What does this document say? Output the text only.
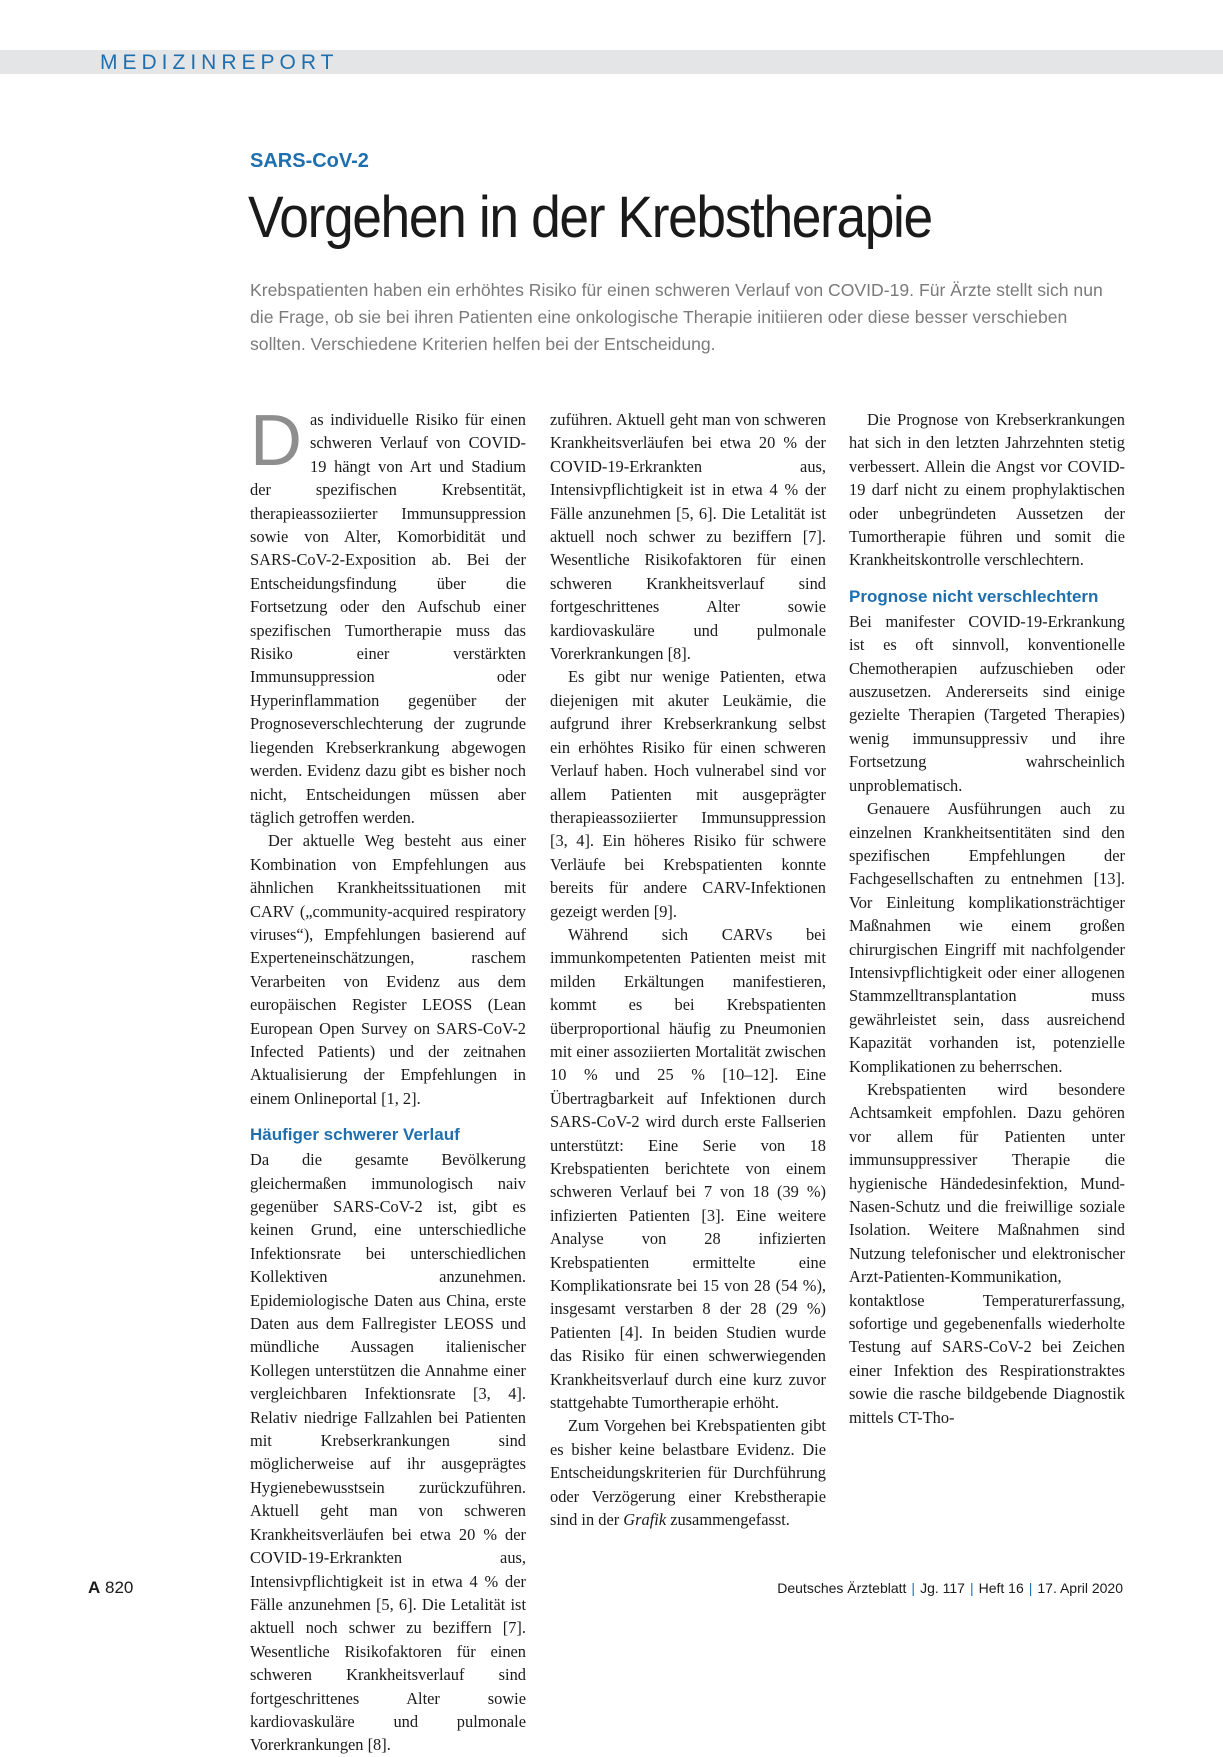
MEDIZINREPORT
SARS-CoV-2
Vorgehen in der Krebstherapie

Krebspatienten haben ein erhöhtes Risiko für einen schweren Verlauf von COVID-19. Für Ärzte stellt sich nun die Frage, ob sie bei ihren Patienten eine onkologische Therapie initiieren oder diese besser verschieben sollten. Verschiedene Kriterien helfen bei der Entscheidung.

Das individuelle Risiko für einen schweren Verlauf von COVID-19 hängt von Art und Stadium der spezifischen Krebsentität, therapieassoziierter Immunsuppression sowie von Alter, Komorbidität und SARS-CoV-2-Exposition ab. Bei der Entscheidungsfindung über die Fortsetzung oder den Aufschub einer spezifischen Tumortherapie muss das Risiko einer verstärkten Immunsuppression oder Hyperinflammation gegenüber der Prognoseverschlechterung der zugrunde liegenden Krebserkrankung abgewogen werden. Evidenz dazu gibt es bisher noch nicht, Entscheidungen müssen aber täglich getroffen werden.

Der aktuelle Weg besteht aus einer Kombination von Empfehlungen aus ähnlichen Krankheitssituationen mit CARV („community-acquired respiratory viruses“), Empfehlungen basierend auf Experteneinschätzungen, raschem Verarbeiten von Evidenz aus dem europäischen Register LEOSS (Lean European Open Survey on SARS-CoV-2 Infected Patients) und der zeitnahen Aktualisierung der Empfehlungen in einem Onlineportal [1, 2].

Häufiger schwerer Verlauf

Da die gesamte Bevölkerung gleichermaßen immunologisch naiv gegenüber SARS-CoV-2 ist, gibt es keinen Grund, eine unterschiedliche Infektionsrate bei unterschiedlichen Kollektiven anzunehmen. Epidemiologische Daten aus China, erste Daten aus dem Fallregister LEOSS und mündliche Aussagen italienischer Kollegen unterstützen die Annahme einer vergleichbaren Infektionsrate [3, 4]. Relativ niedrige Fallzahlen bei Patienten mit Krebserkrankungen sind möglicherweise auf ihr ausgeprägtes Hygienebewusstsein zurückzuführen. Aktuell geht man von schweren Krankheitsverläufen bei etwa 20 % der COVID-19-Erkrankten aus, Intensivpflichtigkeit ist in etwa 4 % der Fälle anzunehmen [5, 6]. Die Letalität ist aktuell noch schwer zu beziffern [7]. Wesentliche Risikofaktoren für einen schweren Krankheitsverlauf sind fortgeschrittenes Alter sowie kardiovaskuläre und pulmonale Vorerkrankungen [8].

zuführen. Aktuell geht man von schweren Krankheitsverläufen bei etwa 20 % der COVID-19-Erkrankten aus, Intensivpflichtigkeit ist in etwa 4 % der Fälle anzunehmen [5, 6]. Die Letalität ist aktuell noch schwer zu beziffern [7]. Wesentliche Risikofaktoren für einen schweren Krankheitsverlauf sind fortgeschrittenes Alter sowie kardiovaskuläre und pulmonale Vorerkrankungen [8].

Es gibt nur wenige Patienten, etwa diejenigen mit akuter Leukämie, die aufgrund ihrer Krebserkrankung selbst ein erhöhtes Risiko für einen schweren Verlauf haben. Hoch vulnerabel sind vor allem Patienten mit ausgeprägter therapieassoziierter Immunsuppression [3, 4]. Ein höheres Risiko für schwere Verläufe bei Krebspatienten konnte bereits für andere CARV-Infektionen gezeigt werden [9].

Während sich CARVs bei immunkompetenten Patienten meist mit milden Erkältungen manifestieren, kommt es bei Krebspatienten überproportional häufig zu Pneumonien mit einer assoziierten Mortalität zwischen 10 % und 25 % [10–12]. Eine Übertragbarkeit auf Infektionen durch SARS-CoV-2 wird durch erste Fallserien unterstützt: Eine Serie von 18 Krebspatienten berichtete von einem schweren Verlauf bei 7 von 18 (39 %) infizierten Patienten [3]. Eine weitere Analyse von 28 infizierten Krebspatienten ermittelte eine Komplikationsrate bei 15 von 28 (54 %), insgesamt verstarben 8 der 28 (29 %) Patienten [4]. In beiden Studien wurde das Risiko für einen schwerwiegenden Krankheitsverlauf durch eine kurz zuvor stattgehabte Tumortherapie erhöht.

Zum Vorgehen bei Krebspatienten gibt es bisher keine belastbare Evidenz. Die Entscheidungskriterien für Durchführung oder Verzögerung einer Krebstherapie sind in der Grafik zusammengefasst.

Die Prognose von Krebserkrankungen hat sich in den letzten Jahrzehnten stetig verbessert. Allein die Angst vor COVID-19 darf nicht zu einem prophylaktischen oder unbegründeten Aussetzen der Tumortherapie führen und somit die Krankheitskontrolle verschlechtern.

Prognose nicht verschlechtern

Bei manifester COVID-19-Erkrankung ist es oft sinnvoll, konventionelle Chemotherapien aufzuschieben oder auszusetzen. Andererseits sind einige gezielte Therapien (Targeted Therapies) wenig immunsuppressiv und ihre Fortsetzung wahrscheinlich unproblematisch.

Genauere Ausführungen auch zu einzelnen Krankheitsentitäten sind den spezifischen Empfehlungen der Fachgesellschaften zu entnehmen [13]. Vor Einleitung komplikationsträchtiger Maßnahmen wie einem großen chirurgischen Eingriff mit nachfolgender Intensivpflichtigkeit oder einer allogenen Stammzelltransplantation muss gewährleistet sein, dass ausreichend Kapazität vorhanden ist, potenzielle Komplikationen zu beherrschen.

Krebspatienten wird besondere Achtsamkeit empfohlen. Dazu gehören vor allem für Patienten unter immunsuppressiver Therapie die hygienische Händedesinfektion, Mund-Nasen-Schutz und die freiwillige soziale Isolation. Weitere Maßnahmen sind Nutzung telefonischer und elektronischer Arzt-Patienten-Kommunikation, kontaktlose Temperaturerfassung, sofortige und gegebenenfalls wiederholte Testung auf SARS-CoV-2 bei Zeichen einer Infektion des Respirationstraktes sowie die rasche bildgebende Diagnostik mittels CT-Tho-

A 820	Deutsches Ärzteblatt | Jg. 117 | Heft 16 | 17. April 2020
